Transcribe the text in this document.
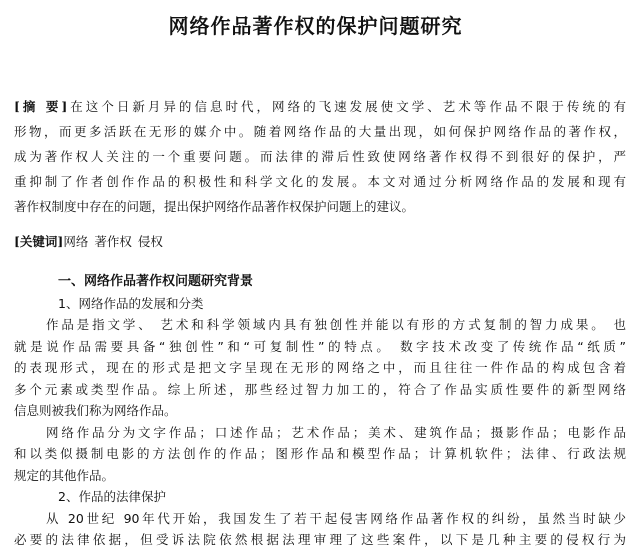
网络作品著作权的保护问题研究
[摘 要]在这个日新月异的信息时代，网络的飞速发展使文学、艺术等作品不限于传统的有
形物，而更多活跃在无形的媒介中。随着网络作品的大量出现，如何保护网络作品的著作权，
成为著作权人关注的一个重要问题。而法律的滞后性致使网络著作权得不到很好的保护，严
重抑制了作者创作作品的积极性和科学文化的发展。本文对通过分析网络作品的发展和现有
著作权制度中存在的问题，提出保护网络作品著作权保护问题上的建议。
[关键词]网络 著作权 侵权
一、网络作品著作权问题研究背景
1、网络作品的发展和分类
作品是指文学、 艺术和科学领域内具有独创性并能以有形的方式复制的智力成果。 也
就是说作品需要具备“独创性”和“可复制性”的特点。 数字技术改变了传统作品“纸质”
的表现形式，现在的形式是把文字呈现在无形的网络之中，而且往往一件作品的构成包含着
多个元素或类型作品。综上所述，那些经过智力加工的，符合了作品实质性要件的新型网络
信息则被我们称为网络作品。
网络作品分为文字作品；口述作品；艺术作品；美术、建筑作品；摄影作品；电影作品
和以类似摄制电影的方法创作的作品；图形作品和模型作品；计算机软件；法律、行政法规
规定的其他作品。
2、作品的法律保护
从 20世纪 90年代开始，我国发生了若干起侵害网络作品著作权的纠纷，虽然当时缺少
必要的法律依据，但受诉法院依然根据法理审理了这些案件，以下是几种主要的侵权行为
